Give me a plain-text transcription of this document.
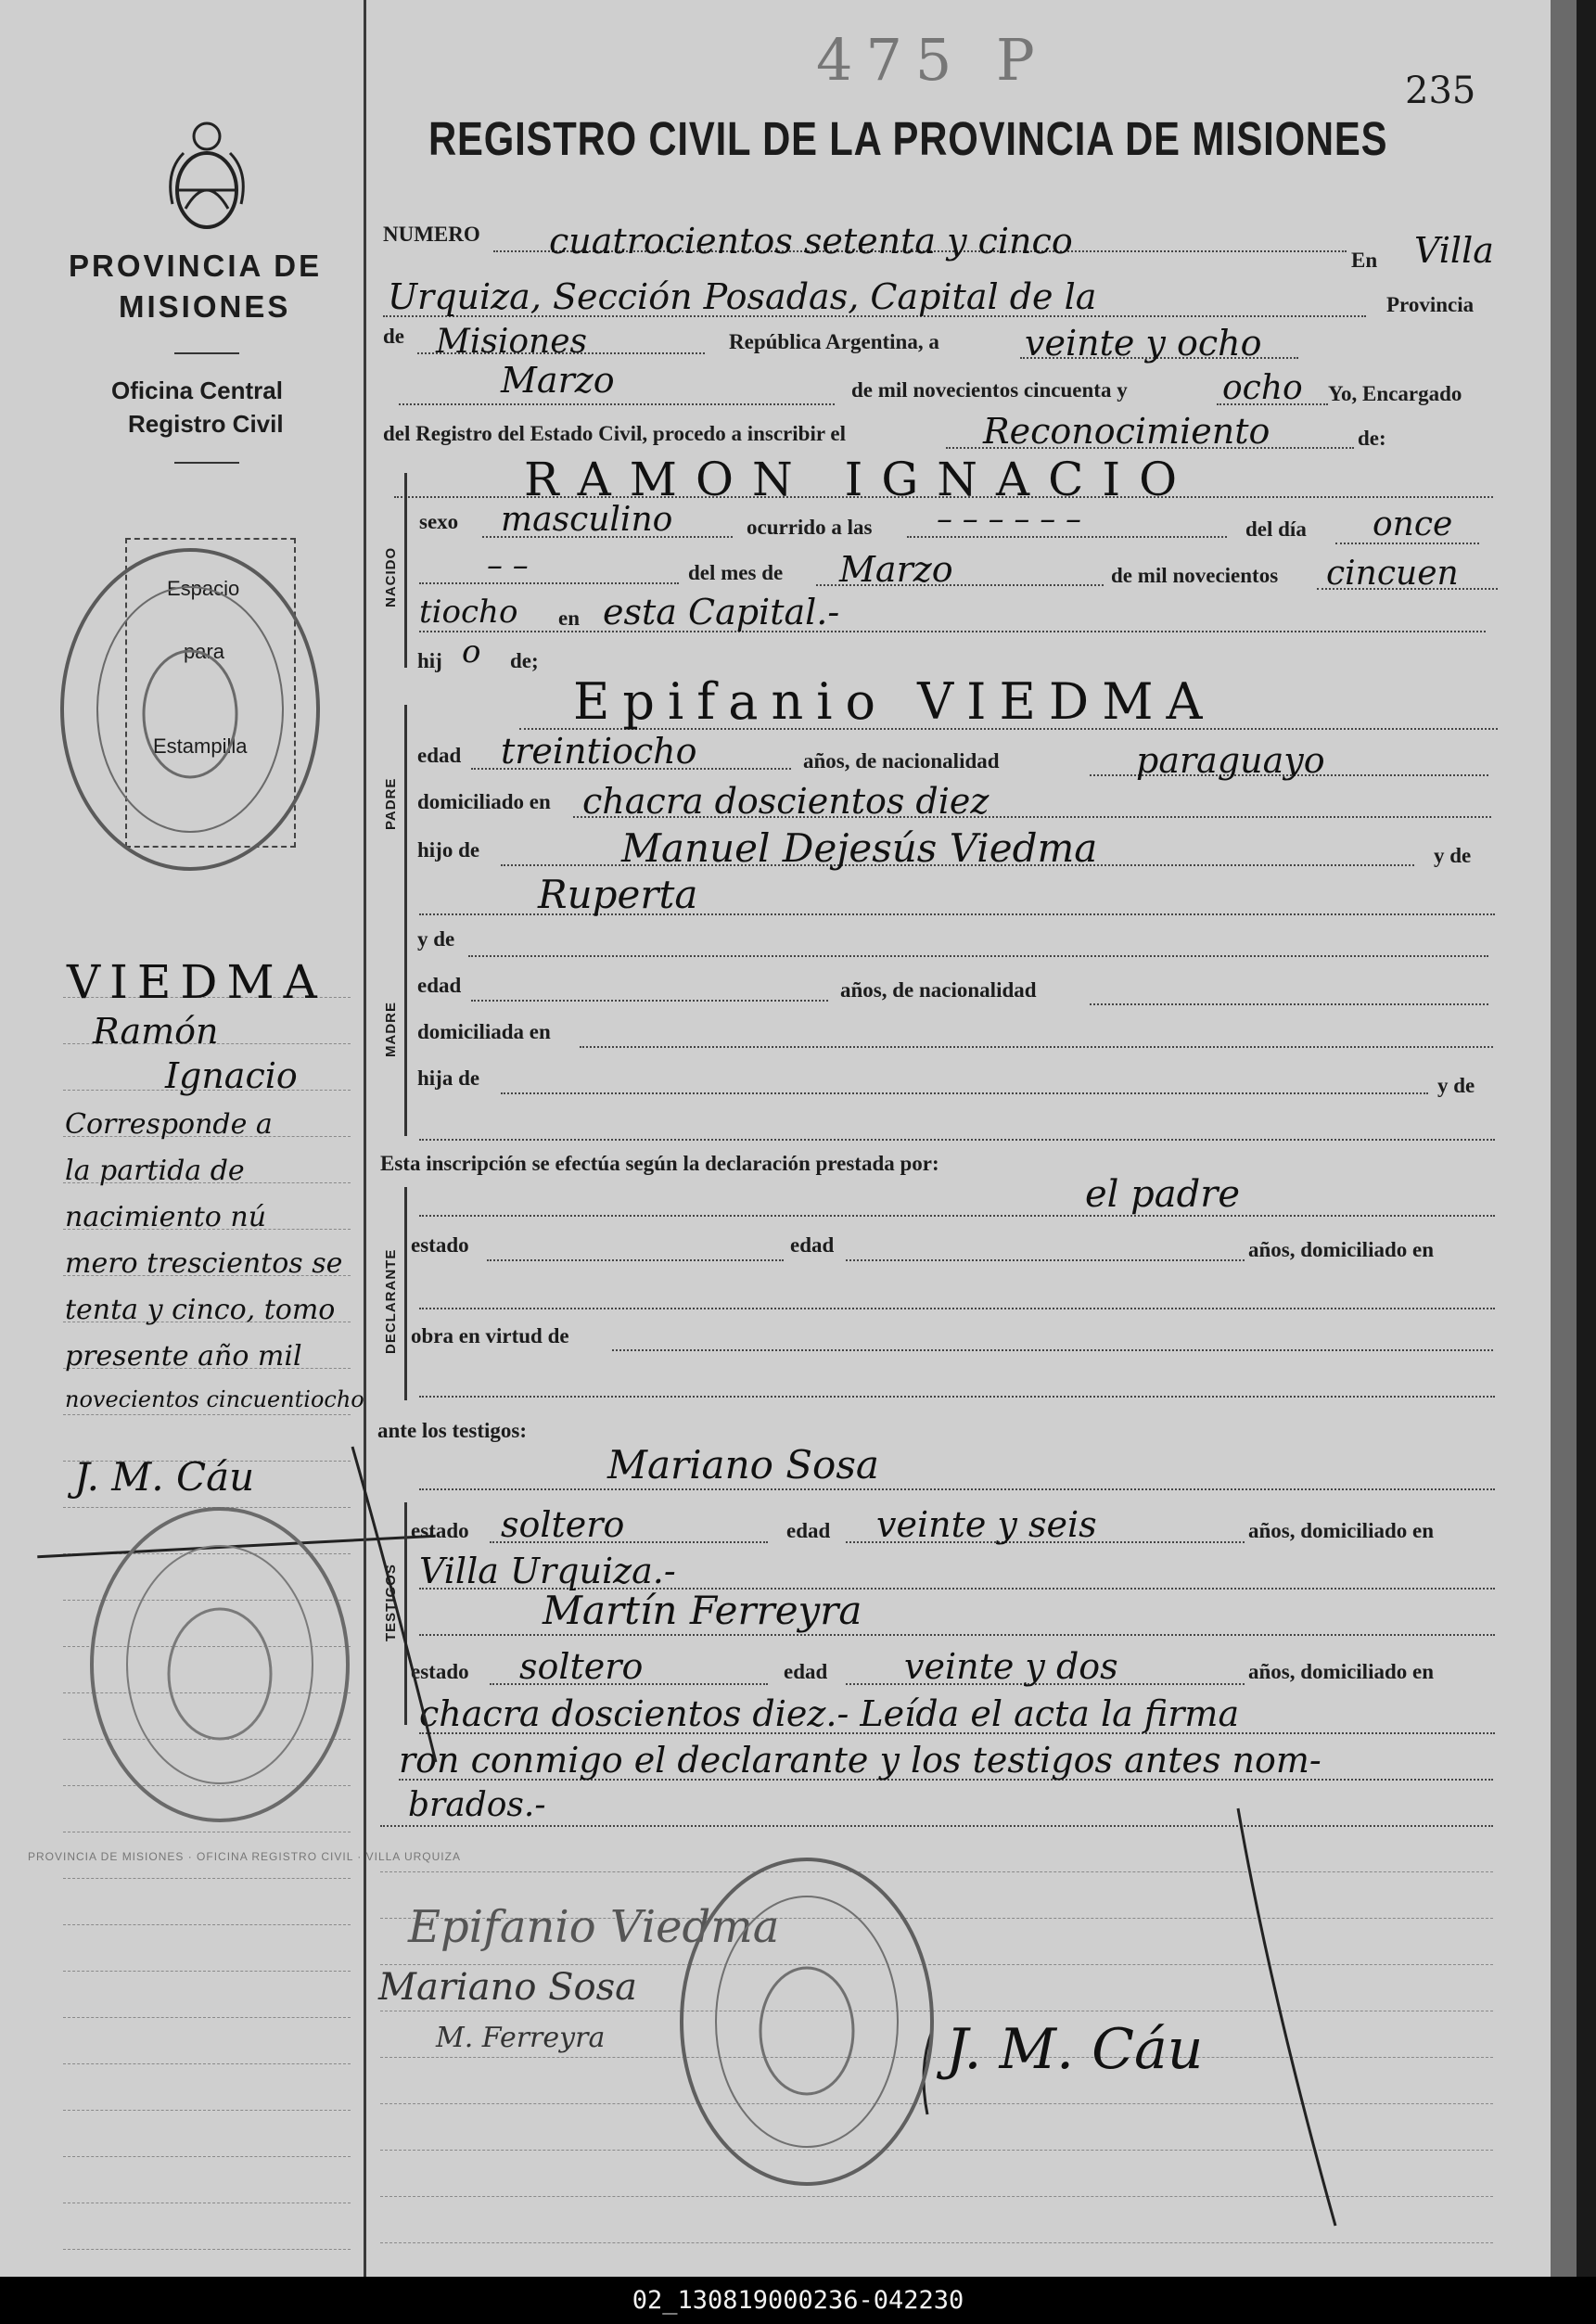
475 P	235
PROVINCIA DE
MISIONES
Oficina Central
Registro Civil
Espacio
para
Estampilla
VIEDMA
Ramón
Ignacio
Corresponde a
la partida de
nacimiento nú
mero trescientos se
tenta y cinco, tomo
presente año mil
novecientos cincuentiocho
J. M. Cáu
PROVINCIA DE MISIONES · OFICINA REGISTRO CIVIL · VILLA URQUIZA
REGISTRO CIVIL DE LA PROVINCIA DE MISIONES
NUMERO cuatrocientos setenta y cinco	En Villa
Urquiza, Sección Posadas, Capital de la	Provincia
de Misiones	República Argentina, a veinte y ocho
Marzo	de mil novecientos cincuenta y	ocho Yo, Encargado
del Registro del Estado Civil, procedo a inscribir el	Reconocimiento	de:
RAMON IGNACIO
NACIDO
sexo masculino	ocurrido a las – – – – – –	del día once
– –	del mes de Marzo	de mil novecientos cincuen
tiocho en esta Capital.-
hij o de;
Epifanio VIEDMA
PADRE
edad treintiocho	años, de nacionalidad	paraguayo
domiciliado en chacra doscientos diez
hijo de	Manuel Dejesús Viedma	y de
Ruperta
MADRE
y de
edad	años, de nacionalidad
domiciliada en
hija de	y de
Esta inscripción se efectúa según la declaración prestada por:
el padre
DECLARANTE
estado	edad	años, domiciliado en
obra en virtud de
ante los testigos:
Mariano Sosa
TESTIGOS
estado soltero	edad veinte y seis	años, domiciliado en
Villa Urquiza.-
Martín Ferreyra
estado soltero	edad veinte y dos	años, domiciliado en
chacra doscientos diez.- Leída el acta la firma
ron conmigo el declarante y los testigos antes nom-
brados.-
Epifanio Viedma
Mariano Sosa
M. Ferreyra	J. M. Cáu
02_130819000236-042230
